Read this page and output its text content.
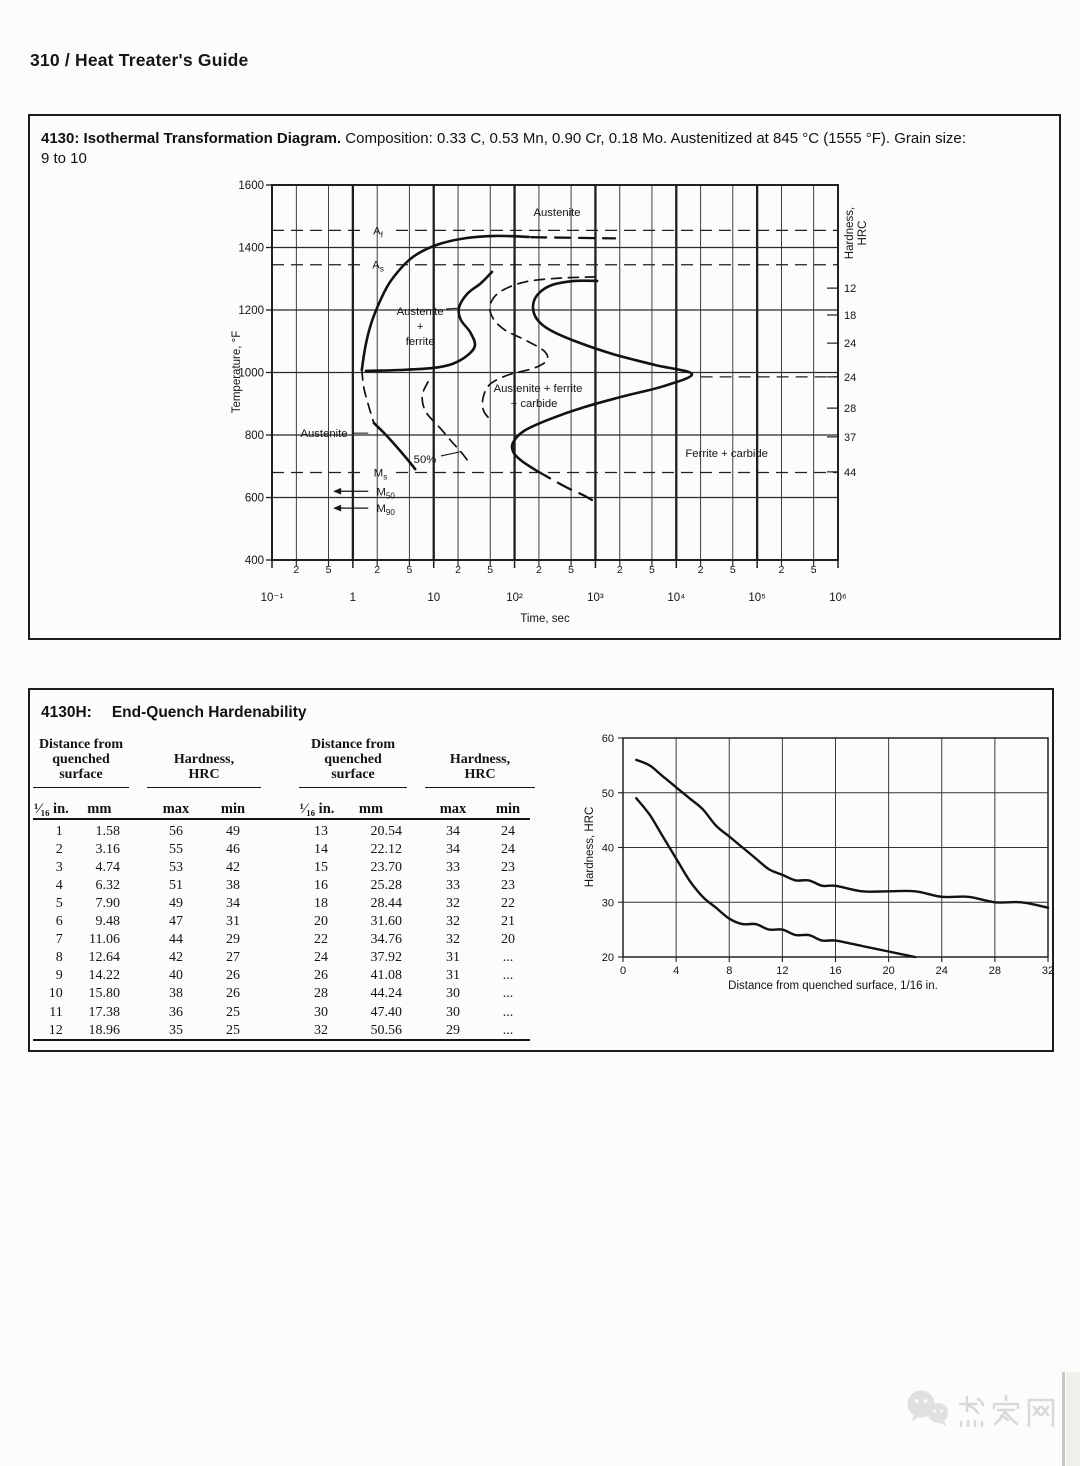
310 / Heat Treater's Guide
4130: Isothermal Transformation Diagram. Composition: 0.33 C, 0.53 Mn, 0.90 Cr, 0.18 Mo. Austenitized at 845 °C (1555 °F). Grain size:
9 to 10
4130H: End-Quench Hardenability
Distance from quenched surface			Hardness, HRC	

¹⁄₁₆ in.	mm		max	min
1	1.58		56	49
2	3.16		55	46
3	4.74		53	42
4	6.32		51	38
5	7.90		49	34
6	9.48		47	31
7	11.06		44	29
8	12.64		42	27
9	14.22		40	26
10	15.80		38	26
11	17.38		36	25
12	18.96		35	25
Distance from quenched surface			Hardness, HRC	

¹⁄₁₆ in.	mm		max	min
13	20.54		34	24
14	22.12		34	24
15	23.70		33	23
16	25.28		33	23
18	28.44		32	22
20	31.60		32	21
22	34.76		32	20
24	37.92		31	...
26	41.08		31	...
28	44.24		30	...
30	47.40		30	...
32	50.56		29	...
400
600
800
1000
1200
1400
1600
10⁻¹	1	10	10²	10³	10⁴	10⁵	10⁶
2	5	2	5	2	5	2	5	2	5	2	5	2	5
Time, sec
Temperature, °F
12
18
24
24
28
37
44
Hardness,HRC
$A_f$
$A_s$
$M_s$
$M_{50}$
$M_{90}$
Austenite
Austenite
Austenite
+
ferrite
Austenite + ferrite
+ carbide
Ferrite + carbide
50%
0	4	8	12	16	20	24	28	32
20
30
40
50
60
Distance from quenched surface, 1/16 in.
Hardness, HRC
